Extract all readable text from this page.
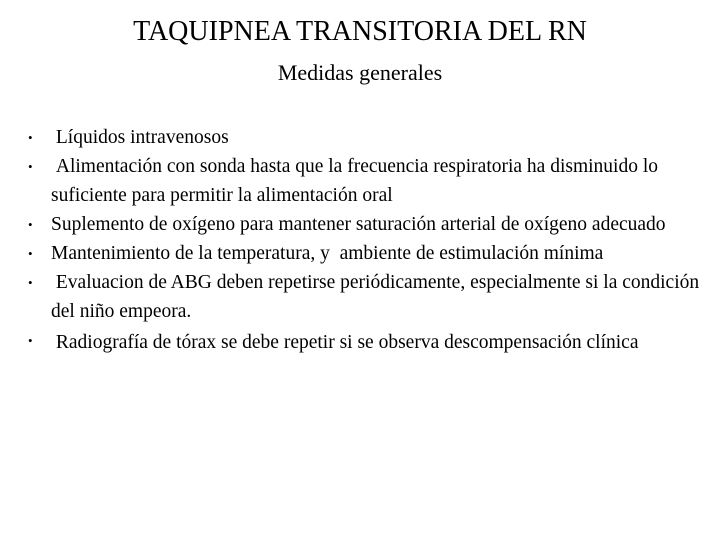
TAQUIPNEA TRANSITORIA DEL RN
Medidas generales
• Líquidos intravenosos
• Alimentación con sonda hasta que la frecuencia respiratoria ha disminuido lo suficiente para permitir la alimentación oral
• Suplemento de oxígeno para mantener saturación arterial de oxígeno adecuado
• Mantenimiento de la temperatura, y  ambiente de estimulación mínima
• Evaluacion de ABG deben repetirse periódicamente, especialmente si la condición del niño empeora.
• Radiografía de tórax se debe repetir si se observa descompensación clínica
